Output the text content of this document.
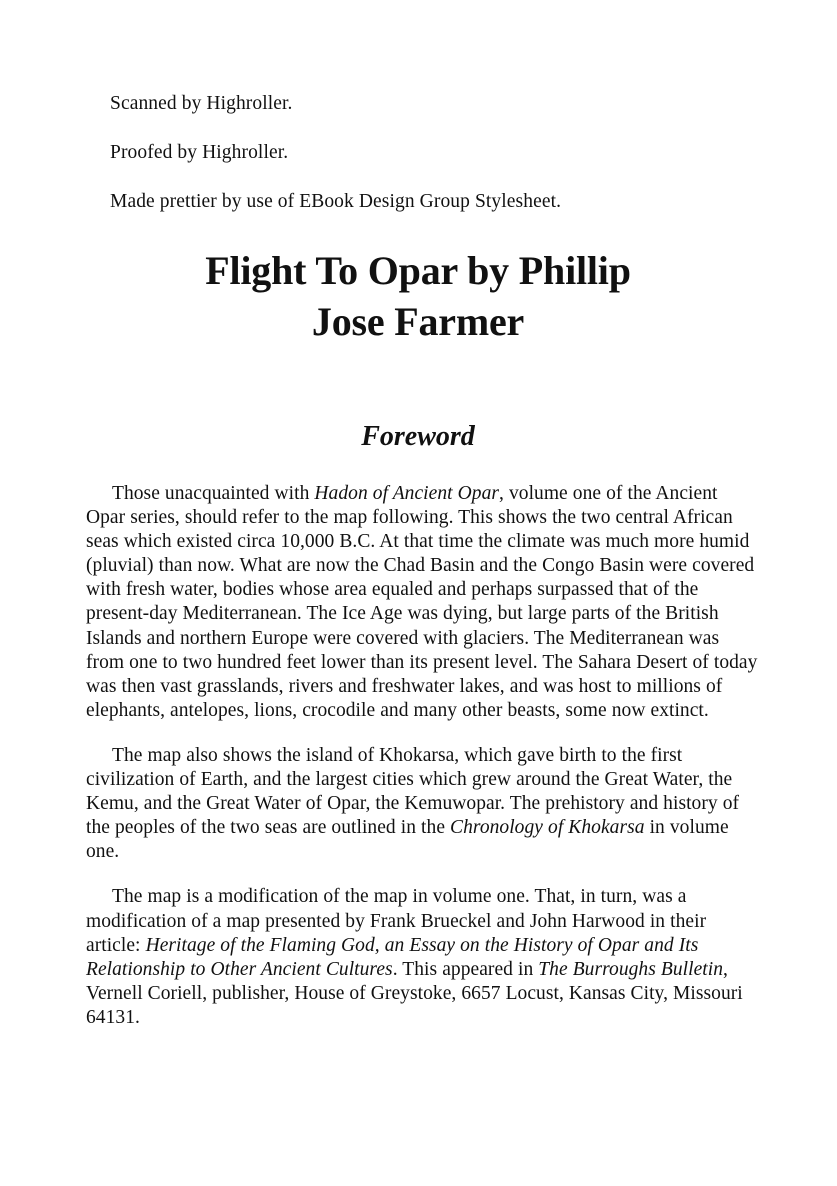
Scanned by Highroller.

Proofed by Highroller.

Made prettier by use of EBook Design Group Stylesheet.

Flight To Opar by Phillip
Jose Farmer
Foreword

Those unacquainted with Hadon of Ancient Opar, volume one of the Ancient Opar series, should refer to the map following. This shows the two central African seas which existed circa 10,000 B.C. At that time the climate was much more humid (pluvial) than now. What are now the Chad Basin and the Congo Basin were covered with fresh water, bodies whose area equaled and perhaps surpassed that of the present-day Mediterranean. The Ice Age was dying, but large parts of the British Islands and northern Europe were covered with glaciers. The Mediterranean was from one to two hundred feet lower than its present level. The Sahara Desert of today was then vast grasslands, rivers and freshwater lakes, and was host to millions of elephants, antelopes, lions, crocodile and many other beasts, some now extinct.

The map also shows the island of Khokarsa, which gave birth to the first civilization of Earth, and the largest cities which grew around the Great Water, the Kemu, and the Great Water of Opar, the Kemuwopar. The prehistory and history of the peoples of the two seas are outlined in the Chronology of Khokarsa in volume one.

The map is a modification of the map in volume one. That, in turn, was a modification of a map presented by Frank Brueckel and John Harwood in their article: Heritage of the Flaming God, an Essay on the History of Opar and Its Relationship to Other Ancient Cultures. This appeared in The Burroughs Bulletin, Vernell Coriell, publisher, House of Greystoke, 6657 Locust, Kansas City, Missouri 64131.
